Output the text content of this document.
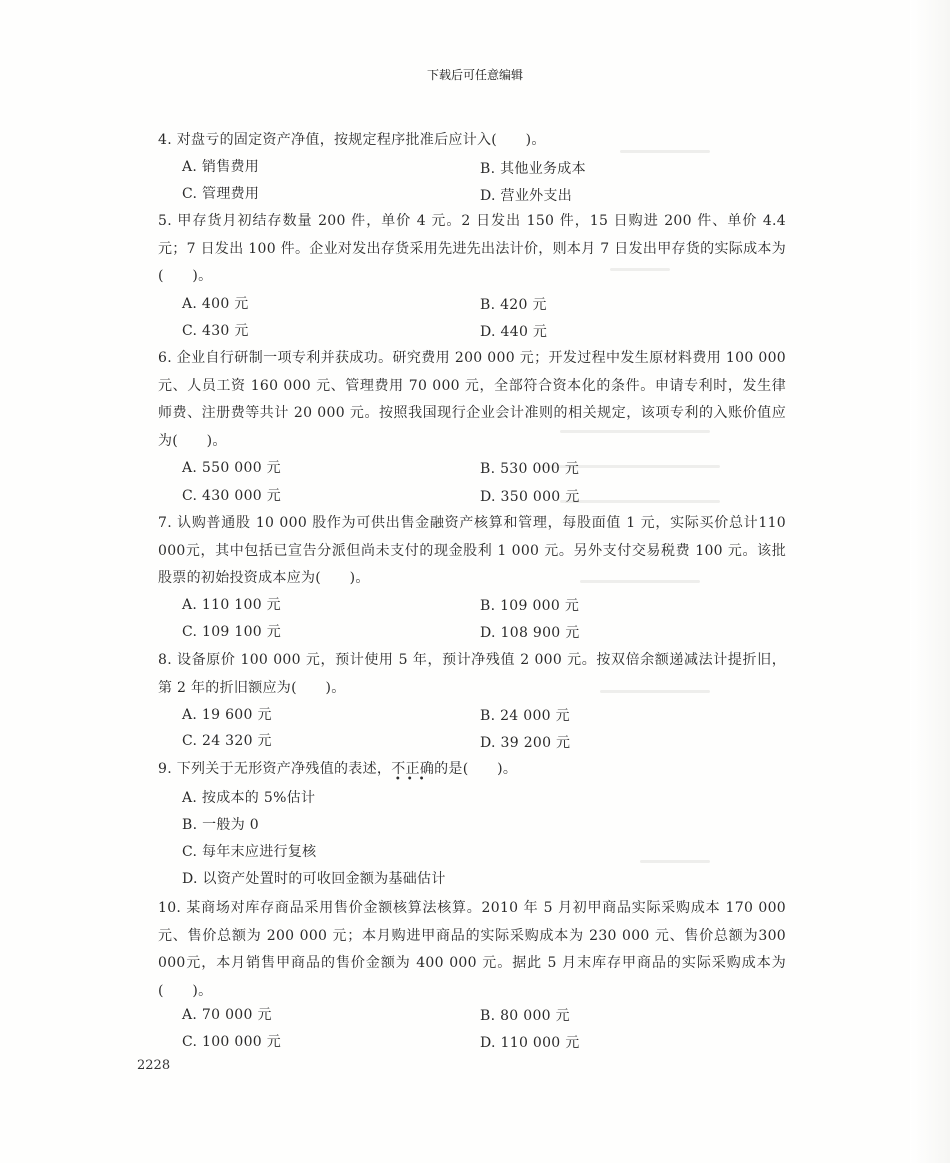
下载后可任意编辑
4. 对盘亏的固定资产净值，按规定程序批准后应计入(　　)。
A. 销售费用	B. 其他业务成本
C. 管理费用	D. 营业外支出
5. 甲存货月初结存数量 200 件，单价 4 元。2 日发出 150 件，15 日购进 200 件、单价 4.4 元；7 日发出 100 件。企业对发出存货采用先进先出法计价，则本月 7 日发出甲存货的实际成本为(　　)。
A. 400 元	B. 420 元
C. 430 元	D. 440 元
6. 企业自行研制一项专利并获成功。研究费用 200 000 元；开发过程中发生原材料费用 100 000 元、人员工资 160 000 元、管理费用 70 000 元，全部符合资本化的条件。申请专利时，发生律师费、注册费等共计 20 000 元。按照我国现行企业会计准则的相关规定，该项专利的入账价值应为(　　)。
A. 550 000 元	B. 530 000 元
C. 430 000 元	D. 350 000 元
7. 认购普通股 10 000 股作为可供出售金融资产核算和管理，每股面值 1 元，实际买价总计110 000元，其中包括已宣告分派但尚未支付的现金股利 1 000 元。另外支付交易税费 100 元。该批股票的初始投资成本应为(　　)。
A. 110 100 元	B. 109 000 元
C. 109 100 元	D. 108 900 元
8. 设备原价 100 000 元，预计使用 5 年，预计净残值 2 000 元。按双倍余额递减法计提折旧，第 2 年的折旧额应为(　　)。
A. 19 600 元	B. 24 000 元
C. 24 320 元	D. 39 200 元
9. 下列关于无形资产净残值的表述，不正确
•••
的是(　　)。
A. 按成本的 5%估计
B. 一般为 0
C. 每年末应进行复核
D. 以资产处置时的可收回金额为基础估计
10. 某商场对库存商品采用售价金额核算法核算。2010 年 5 月初甲商品实际采购成本 170 000元、售价总额为 200 000 元；本月购进甲商品的实际采购成本为 230 000 元、售价总额为300 000元，本月销售甲商品的售价金额为 400 000 元。据此 5 月末库存甲商品的实际采购成本为(　　)。
A. 70 000 元	B. 80 000 元
C. 100 000 元	D. 110 000 元
2228
